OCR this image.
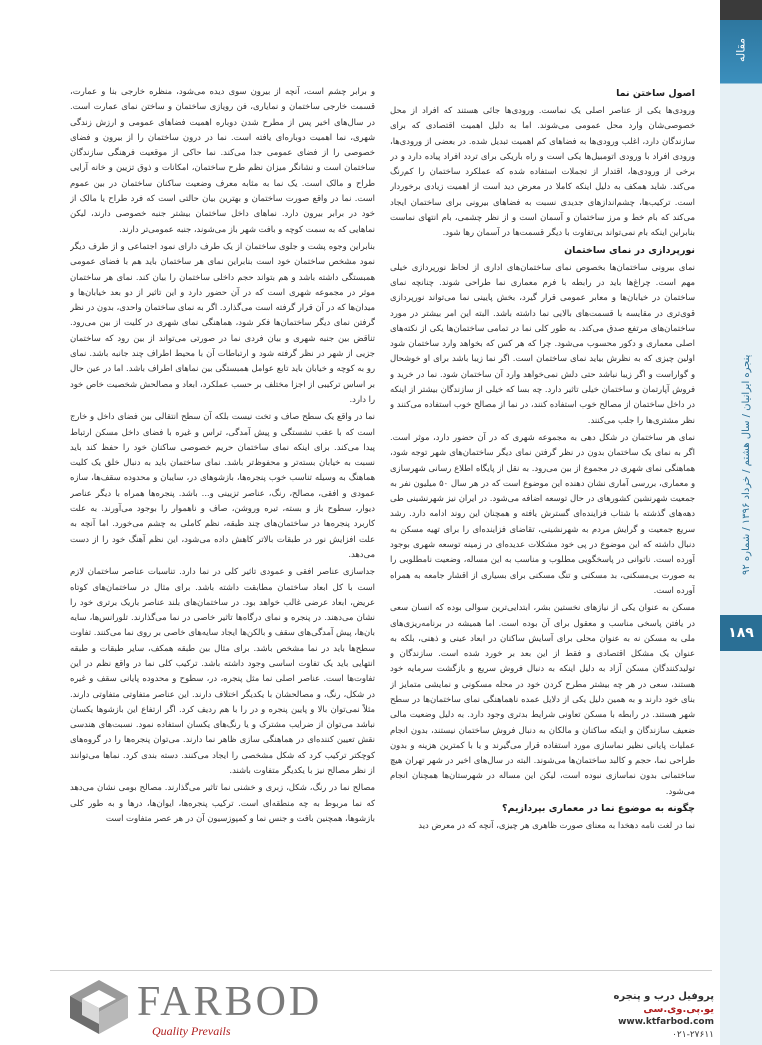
مقاله
پنجره ایرانیان / سال هشتم / خرداد ۱۳۹۶ / شماره ۹۲
۱۸۹
اصول ساختن نما

ورودی‌ها یکی از عناصر اصلی یک نماست. ورودی‌ها جائی هستند که افراد از محل خصوصی‌شان وارد محل عمومی می‌شوند. اما به دلیل اهمیت اقتصادی که برای سازندگان دارد، اغلب ورودی‌ها به فضاهای کم اهمیت تبدیل شده. در بعضی از ورودی‌ها، ورودی افراد با ورودی اتومبیل‌ها یکی است و راه باریکی برای تردد افراد پیاده دارد و در برخی از ورودی‌ها، اقتدار از تجملات استفاده شده که عملکرد ساختمان را کم‌رنگ می‌کند. شاید همکف به دلیل اینکه کاملا در معرض دید است از اهمیت زیادی برخوردار است. ترکیب‌ها، چشم‌اندازهای جدیدی نسبت به فضاهای بیرونی برای ساختمان ایجاد می‌کند که بام خط و مرز ساختمان و آسمان است و از نظر چشمی، بام انتهای نماست بنابراین اینکه بام نمی‌تواند بی‌تفاوت با دیگر قسمت‌ها در آسمان رها شود.

نورپردازی در نمای ساختمان

نمای بیرونی ساختمان‌ها بخصوص نمای ساختمان‌های اداری از لحاظ نورپردازی خیلی مهم است. چراغ‌ها باید در رابطه با فرم معماری نما طراحی شوند. چنانچه نمای ساختمان در خیابان‌ها و معابر عمومی قرار گیرد، بخش پایینی نما می‌تواند نورپردازی قوی‌تری در مقایسه با قسمت‌های بالایی نما داشته باشد. البته این امر بیشتر در مورد ساختمان‌های مرتفع صدق می‌کند. به طور کلی نما در تمامی ساختمان‌ها یکی از نکته‌های اصلی معماری و دکور محسوب می‌شود. چرا که هر کس که بخواهد وارد ساختمان شود اولین چیزی که به نظرش بیاید نمای ساختمان است. اگر نما زیبا باشد برای او خوشحال و گواراست و اگر زیبا نباشد حتی دلش نمی‌خواهد وارد آن ساختمان شود. نما در خرید و فروش آپارتمان و ساختمان خیلی تاثیر دارد. چه بسا که خیلی از سازندگان بیشتر از اینکه در داخل ساختمان از مصالح خوب استفاده کنند، در نما از مصالح خوب استفاده می‌کنند و نظر مشتری‌ها را جلب می‌کنند.

نمای هر ساختمان در شکل دهی به مجموعه شهری که در آن حضور دارد، موثر است. اگر به نمای یک ساختمان بدون در نظر گرفتن نمای دیگر ساختمان‌های شهر توجه شود، هماهنگی نمای شهری در مجموع از بین می‌رود. به نقل از پایگاه اطلاع رسانی شهرسازی و معماری، بررسی آماری نشان دهنده این موضوع است که در هر سال ۵۰ میلیون نفر به جمعیت شهرنشین کشورهای در حال توسعه اضافه می‌شود. در ایران نیز شهرنشینی طی دهه‌های گذشته با شتاب فزاینده‌ای گسترش یافته و همچنان این روند ادامه دارد. رشد سریع جمعیت و گرایش مردم به شهرنشینی، تقاضای فزاینده‌ای را برای تهیه مسکن به دنبال داشته که این موضوع در پی خود مشکلات عدیده‌ای در زمینه توسعه شهری بوجود آورده است. ناتوانی در پاسخگویی مطلوب و مناسب به این مساله، وضعیت نامطلوبی را به صورت بی‌مسکنی، بد مسکنی و تنگ مسکنی برای بسیاری از اقشار جامعه به همراه آورده است.

مسکن به عنوان یکی از نیازهای نخستین بشر، ابتدایی‌ترین سوالی بوده که انسان سعی در یافتن پاسخی مناسب و معقول برای آن بوده است. اما همیشه در برنامه‌ریزی‌های ملی به مسکن نه به عنوان محلی برای آسایش ساکنان در ابعاد عینی و ذهنی، بلکه به عنوان یک مشکل اقتصادی و فقط از این بعد بر خورد شده است. سازندگان و تولیدکنندگان مسکن آزاد به دلیل اینکه به دنبال فروش سریع و بازگشت سرمایه خود هستند، سعی در هر چه بیشتر مطرح کردن خود در محله مسکونی و نمایشی متمایز از بنای خود دارند و به همین دلیل یکی از دلایل عمده ناهماهنگی نمای ساختمان‌ها در سطح شهر هستند. در رابطه با مسکن تعاونی شرایط بدتری وجود دارد. به دلیل وضعیت مالی ضعیف سازندگان و اینکه ساکنان و مالکان به دنبال فروش ساختمان نیستند، بدون انجام عملیات پایانی نظیر نماسازی مورد استفاده قرار می‌گیرند و یا با کمترین هزینه و بدون طراحی نما، حجم و کالبد ساختمان‌ها می‌شوند. البته در سال‌های اخیر در شهر تهران هیچ ساختمانی بدون نماسازی نبوده است، لیکن این مساله در شهرستان‌ها همچنان انجام می‌شود.

چگونه به موضوع نما در معماری بپردازیم؟

نما در لغت نامه دهخدا به معنای صورت ظاهری هر چیزی، آنچه که در معرض دید

و برابر چشم است، آنچه از بیرون سوی دیده می‌شود، منظره خارجی بنا و عمارت، قسمت خارجی ساختمان و نمایاری، فن رویازی ساختمان و ساختن نمای عمارت است. در سال‌های اخیر پس از مطرح شدن دوباره اهمیت فضاهای عمومی و ارزش زندگی شهری، نما اهمیت دوباره‌ای یافته است. نما در درون ساختمان را از بیرون و فضای خصوصی را از فضای عمومی جدا می‌کند. نما حاکی از موقعیت فرهنگی سازندگان ساختمان است و نشانگر میزان نظم طرح ساختمان، امکانات و ذوق تزیین و خانه آرایی طراح و مالک است. یک نما به مثابه معرف وضعیت ساکنان ساختمان در بین عموم است. نما در واقع صورت ساختمان و بهترین بیان حالتی است که فرد طراح یا مالک از خود در برابر بیرون دارد. نماهای داخل ساختمان بیشتر جنبه خصوصی دارند، لیکن نماهایی که به سمت کوچه و بافت شهر باز می‌شوند، جنبه عمومی‌تر دارند.

بنابراین وجوه پشت و جلوی ساختمان از یک طرف دارای نمود اجتماعی و از طرف دیگر نمود مشخص ساختمان خود است بنابراین نمای هر ساختمان باید هم با فضای عمومی همبستگی داشته باشد و هم بتواند حجم داخلی ساختمان را بیان کند. نمای هر ساختمان موثر در مجموعه شهری است که در آن حضور دارد و این تاثیر از دو بعد خیابان‌ها و میدان‌ها که در آن قرار گرفته است می‌گذارد. اگر به نمای ساختمان واحدی، بدون در نظر گرفتن نمای دیگر ساختمان‌ها فکر شود، هماهنگی نمای شهری در کلیت از بین می‌رود. تناقض بین جنبه شهری و بیان فردی نما در صورتی می‌تواند از بین رود که ساختمان جزیی از شهر در نظر گرفته شود و ارتباطات آن با محیط اطراف چند جانبه باشد. نمای رو به کوچه و خیابان باید تابع عوامل همبستگی بین نماهای اطراف باشد. اما در عین حال بر اساس ترکیبی از اجزا مختلف بر حسب عملکرد، ابعاد و مصالحش شخصیت خاص خود را دارد.

نما در واقع یک سطح صاف و تخت نیست بلکه آن سطح انتقالی بین فضای داخل و خارج است که با عقب نشستگی و پیش آمدگی، تراس و غیره با فضای داخل مسکن ارتباط پیدا می‌کند. برای اینکه نمای ساختمان حریم خصوصی ساکنان خود را حفظ کند باید نسبت به خیابان بسته‌تر و محفوظ‌تر باشد. نمای ساختمان باید به دنبال خلق یک کلیت هماهنگ به وسیله تناسب خوب پنجره‌ها، بازشوهای در، سایبان و محدوده سقف‌ها، سازه عمودی و افقی، مصالح، رنگ، عناصر تزیینی و... باشد. پنجره‌ها همراه با دیگر عناصر دیوار، سطوح باز و بسته، تیره وروشن، صاف و ناهموار را بوجود می‌آورند. به علت کاربرد پنجره‌ها در ساختمان‌های چند طبقه، نظم کاملی به چشم می‌خورد. اما آنچه به علت افزایش نور در طبقات بالاتر کاهش داده می‌شود، این نظم آهنگ خود را از دست می‌دهد.

جداسازی عناصر افقی و عمودی تاثیر کلی در نما دارد. تناسبات عناصر ساختمان لازم است با کل ابعاد ساختمان مطابقت داشته باشد. برای مثال در ساختمان‌های کوتاه عریض، ابعاد عرضی غالب خواهد بود. در ساختمان‌های بلند عناصر باریک برتری خود را نشان می‌دهند. در پنجره و نمای درگاه‌ها تاثیر خاصی در نما می‌گذارند. تلورانس‌ها، سایه بان‌ها، پیش آمدگی‌های سقف و بالکن‌ها ایجاد سایه‌های خاصی بر روی نما می‌کنند. تفاوت سطح‌ها باید در نما مشخص باشد. برای مثال بین طبقه همکف، سایر طبقات و طبقه انتهایی باید یک تفاوت اساسی وجود داشته باشد. ترکیب کلی نما در واقع نظم در این تفاوت‌ها است. عناصر اصلی نما مثل پنجره، در، سطوح و محدوده پایانی سقف و غیره در شکل، رنگ، و مصالحشان با یکدیگر اختلاف دارند. این عناصر متفاوتی متفاوتی دارند. مثلاً نمی‌توان بالا و پایین پنجره و در را با هم ردیف کرد. اگر ارتفاع این بازشوها یکسان نباشد می‌توان از ضرایب مشترک و یا رنگ‌های یکسان استفاده نمود. نسبت‌های هندسی نقش تعیین کننده‌ای در هماهنگی سازی ظاهر نما دارند. می‌توان پنجره‌ها را در گروه‌های کوچکتر ترکیب کرد که شکل مشخصی را ایجاد می‌کنند. دسته بندی کرد. نماها می‌توانند از نظر مصالح نیز با یکدیگر متفاوت باشند.

مصالح نما در رنگ، شکل، زبری و خشنی نما تاثیر می‌گذارند. مصالح بومی نشان می‌دهد که نما مربوط به چه منطقه‌ای است. ترکیب پنجره‌ها، ایوان‌ها، درها و به طور کلی بازشوها، همچنین بافت و جنس نما و کمپوزسیون آن در هر عصر متفاوت است

FARBOD
Quality Prevails
پروفیل درب و پنجره
یو.پی.وی.سی
www.ktfarbod.com
۰۲۱-۲۷۶۱۱
